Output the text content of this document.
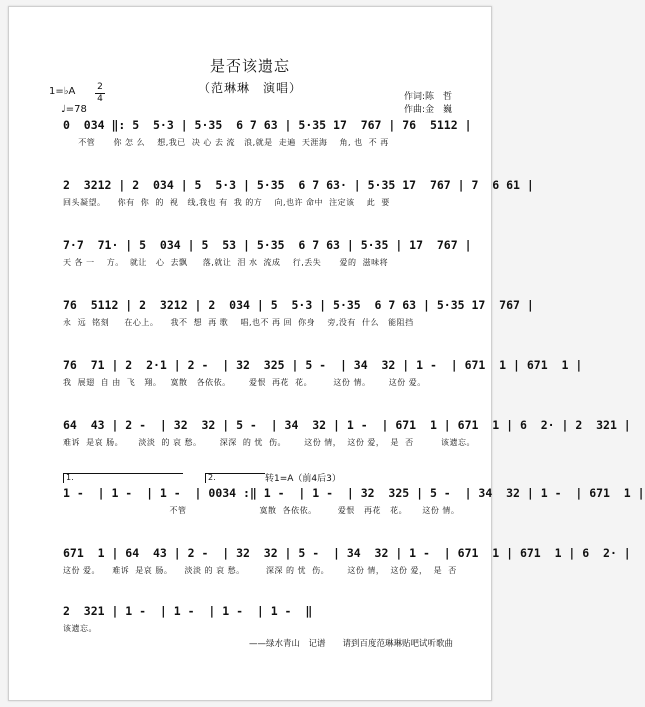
是否该遗忘
（范琳琳　演唱）
1=♭A 2
4
♩=78
作词:陈　哲
作曲:金　巍
0  034 ‖: 5  5·3 | 5·35  6 7 63 | 5·35 17  767 | 76  5112 |
不管      你 怎 么    想,我已  决 心 去 流   浪,就是  走遍  天涯海    角, 也  不 再
2  3212 | 2  034 | 5  5·3 | 5·35  6 7 63· | 5·35 17  767 | 7  6 61 |
回头凝望。    你有  你  的  视   线,我也 有  我 的方    向,也许 命中  注定该    此  要
7·7  71· | 5  034 | 5  53 | 5·35  6 7 63 | 5·35 | 17  767 |
天 各 一    方。  就让   心  去飘     落,就让  泪 水  流成    行,丢失      爱的  滋味将
76  5112 | 2  3212 | 2  034 | 5  5·3 | 5·35  6 7 63 | 5·35 17  767 |
永  远  铭刻     在心上。    我不  想  再 歌    唱,也不 再 回  你身    旁,没有  什么   能阻挡
76  71 | 2  2·1 | 2 -  | 32  325 | 5 -  | 34  32 | 1 -  | 671  1 | 671  1 |
我  展翅  自 由  飞   翔。   寞散   各依依。      爱恨  再花  花。       这份 情。      这份 爱。
64  43 | 2 -  | 32  32 | 5 -  | 34  32 | 1 -  | 671  1 | 671  1 | 6  2· | 2  321 |
难诉  是哀 肠。     淡淡  的 哀 愁。      深深  的 忧  伤。      这份 情，  这份 爱，  是  否         该遗忘。
1.	2.	转1=A（前4后3）
1 -  | 1 -  | 1 -  | 0034 :‖ 1 -  | 1 -  | 32  325 | 5 -  | 34  32 | 1 -  | 671  1 |
不管                        寞散  各依依。       爱恨   再花   花。     这份 情。
671  1 | 64  43 | 2 -  | 32  32 | 5 -  | 34  32 | 1 -  | 671  1 | 671  1 | 6  2· |
这份 爱。    难诉  是哀 肠。    淡淡 的 哀 愁。       深深 的 忧  伤。      这份 情，  这份 爱，  是  否
2  321 | 1 -  | 1 -  | 1 -  | 1 -  ‖
该遗忘。
——绿水青山　记谱　　请到百度范琳琳贴吧试听歌曲
